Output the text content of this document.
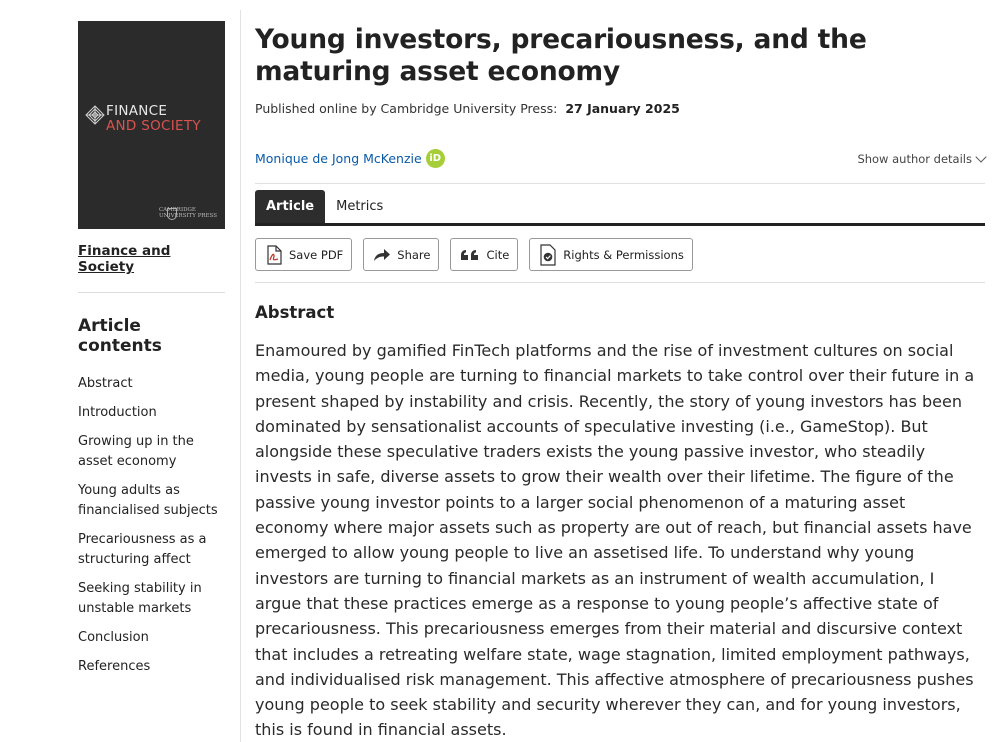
FINANCE
AND SOCIETY
CAMBRIDGE
UNIVERSITY PRESS
Finance and Society
Article contents
Abstract
Introduction
Growing up in the asset economy
Young adults as financialised subjects
Precariousness as a structuring affect
Seeking stability in unstable markets
Conclusion
References
Young investors, precariousness, and the maturing asset economy
Published online by Cambridge University Press: 27 January 2025
Monique de Jong McKenzie iD	Show author details
Article	Metrics
Save PDF	Share	Cite	Rights & Permissions
Abstract

Enamoured by gamified FinTech platforms and the rise of investment cultures on social media, young people are turning to financial markets to take control over their future in a present shaped by instability and crisis. Recently, the story of young investors has been dominated by sensationalist accounts of speculative investing (i.e., GameStop). But alongside these speculative traders exists the young passive investor, who steadily invests in safe, diverse assets to grow their wealth over their lifetime. The figure of the passive young investor points to a larger social phenomenon of a maturing asset economy where major assets such as property are out of reach, but financial assets have emerged to allow young people to live an assetised life. To understand why young investors are turning to financial markets as an instrument of wealth accumulation, I argue that these practices emerge as a response to young people’s affective state of precariousness. This precariousness emerges from their material and discursive context that includes a retreating welfare state, wage stagnation, limited employment pathways, and individualised risk management. This affective atmosphere of precariousness pushes young people to seek stability and security wherever they can, and for young investors, this is found in financial assets.
